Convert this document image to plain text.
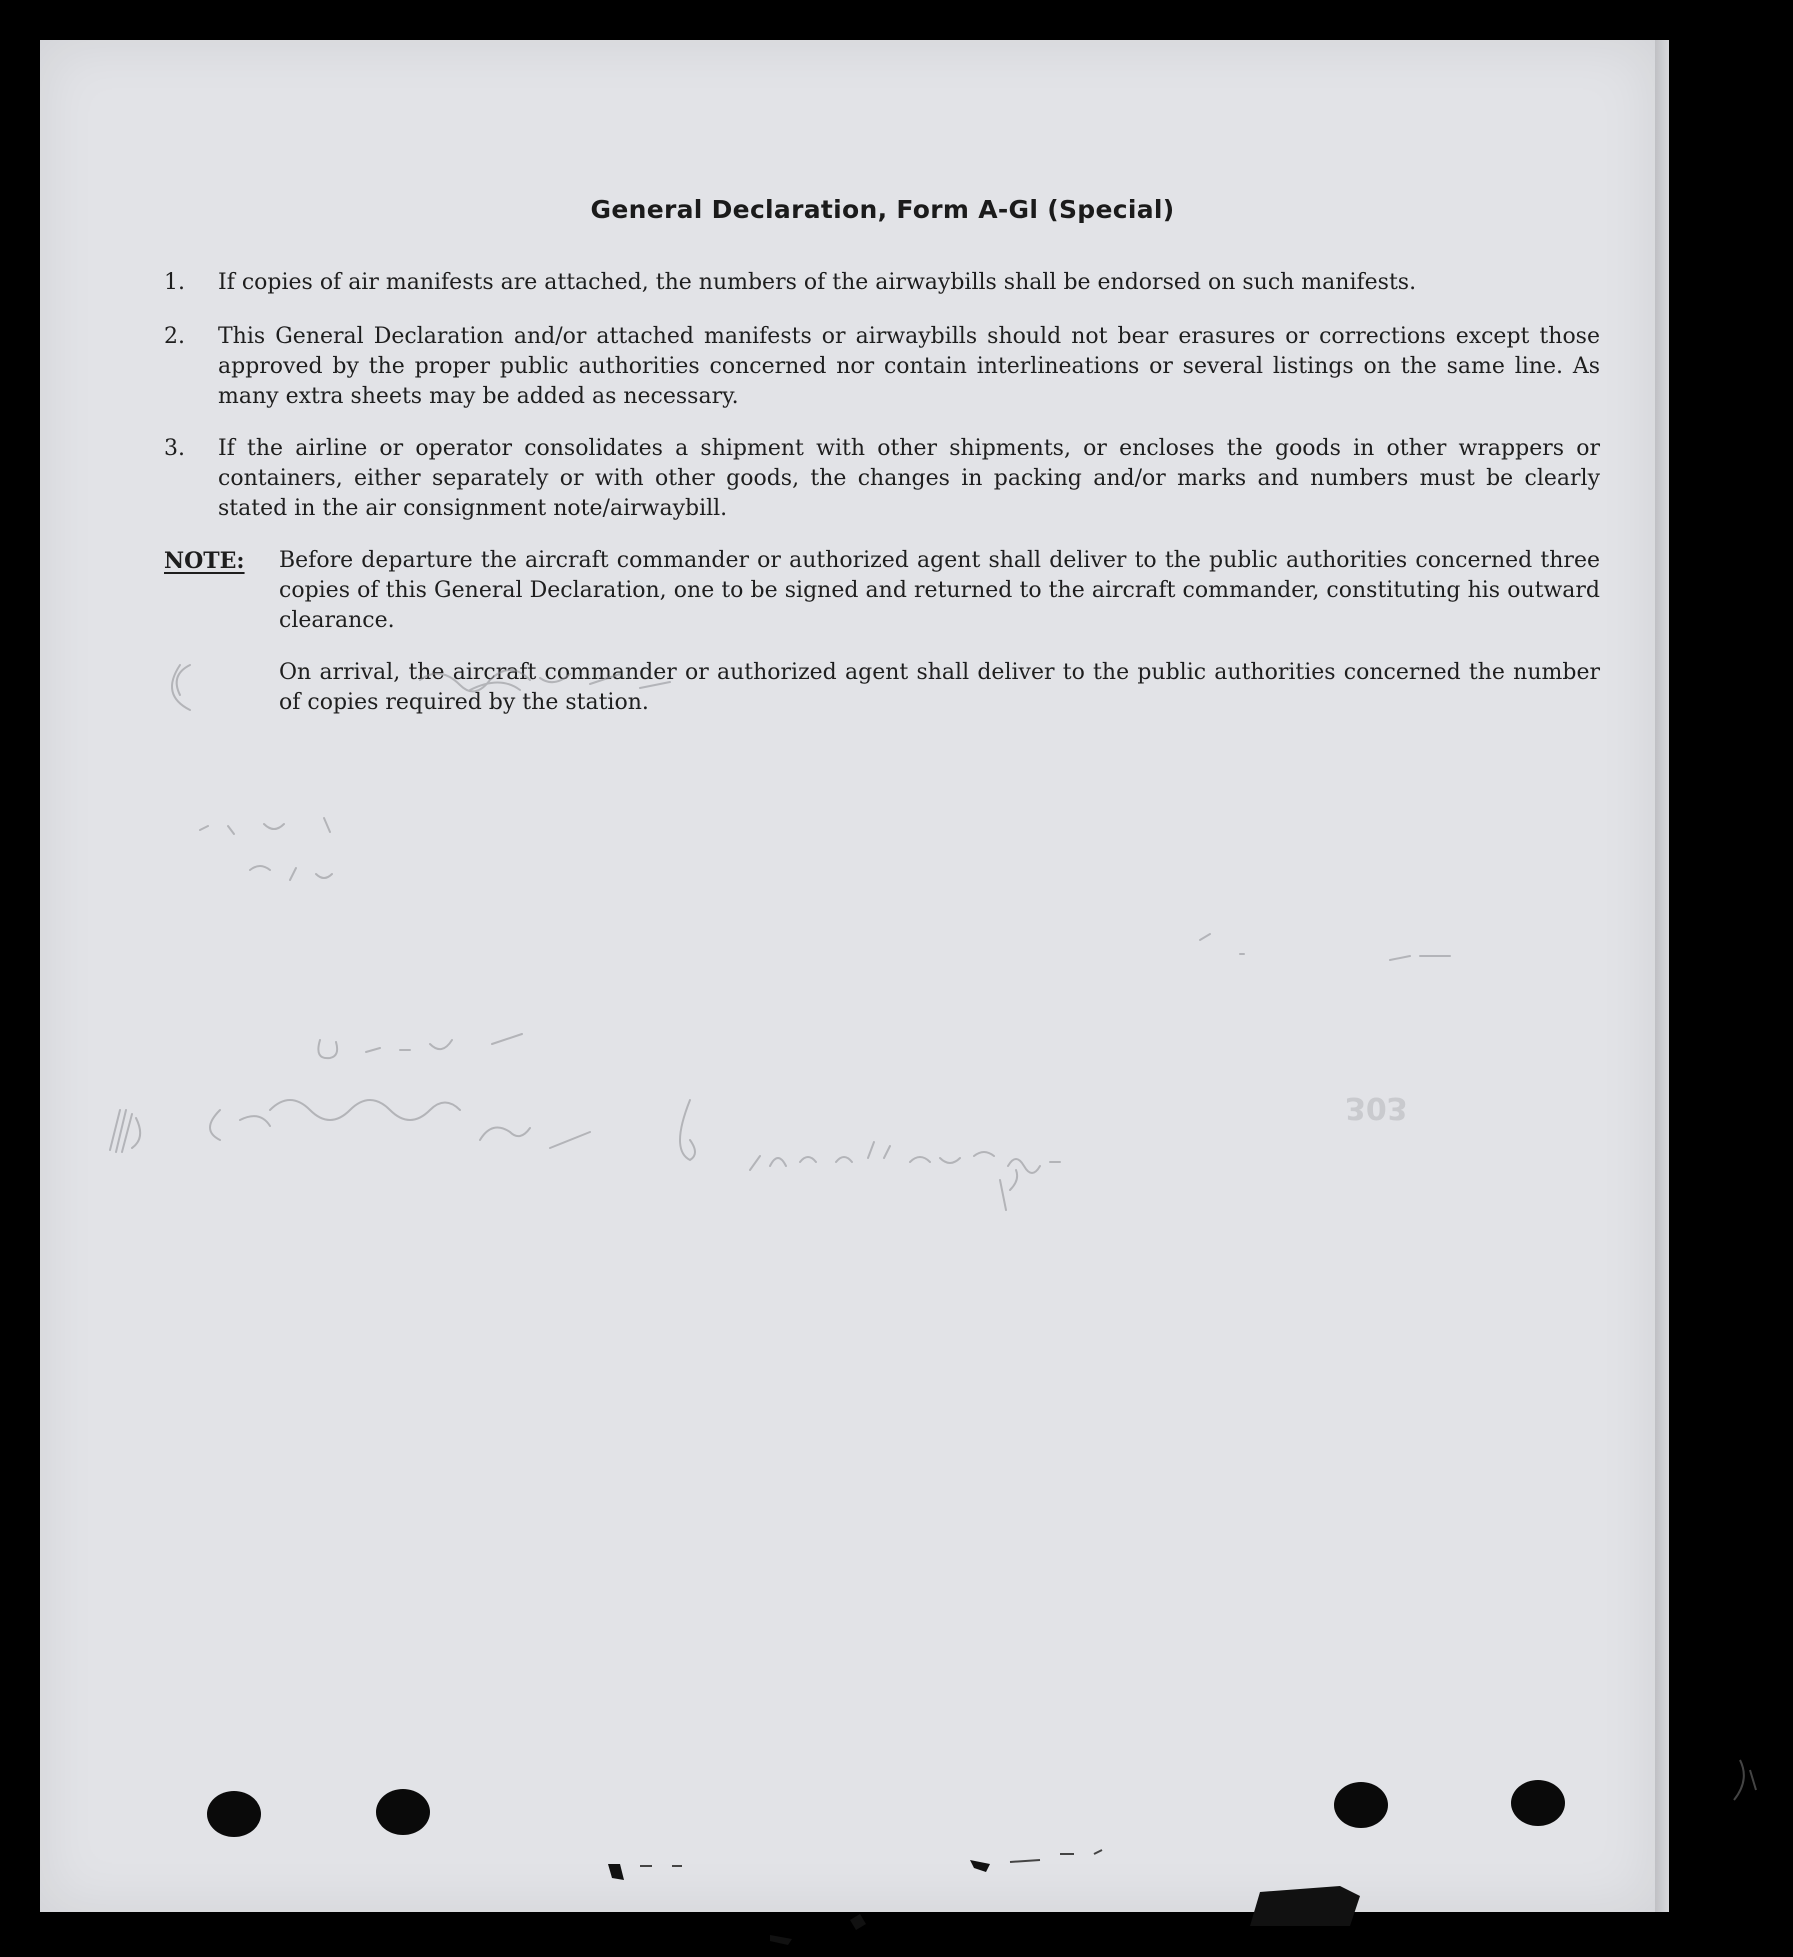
303
General Declaration, Form A-Gl (Special)
1.	If copies of air manifests are attached, the numbers of the airwaybills shall be endorsed on such manifests.
2.	This General Declaration and/or attached manifests or airwaybills should not bear erasures or corrections except those approved by the proper public authorities concerned nor contain interlineations or several listings on the same line. As many extra sheets may be added as necessary.
3.	If the airline or operator consolidates a shipment with other shipments, or encloses the goods in other wrappers or containers, either separately or with other goods, the changes in packing and/or marks and numbers must be clearly stated in the air consignment note/airwaybill.
NOTE: Before departure the aircraft commander or authorized agent shall deliver to the public authorities concerned three copies of this General Declaration, one to be signed and returned to the aircraft commander, constituting his outward clearance.
On arrival, the aircraft commander or authorized agent shall deliver to the public authorities concerned the number of copies required by the station.
